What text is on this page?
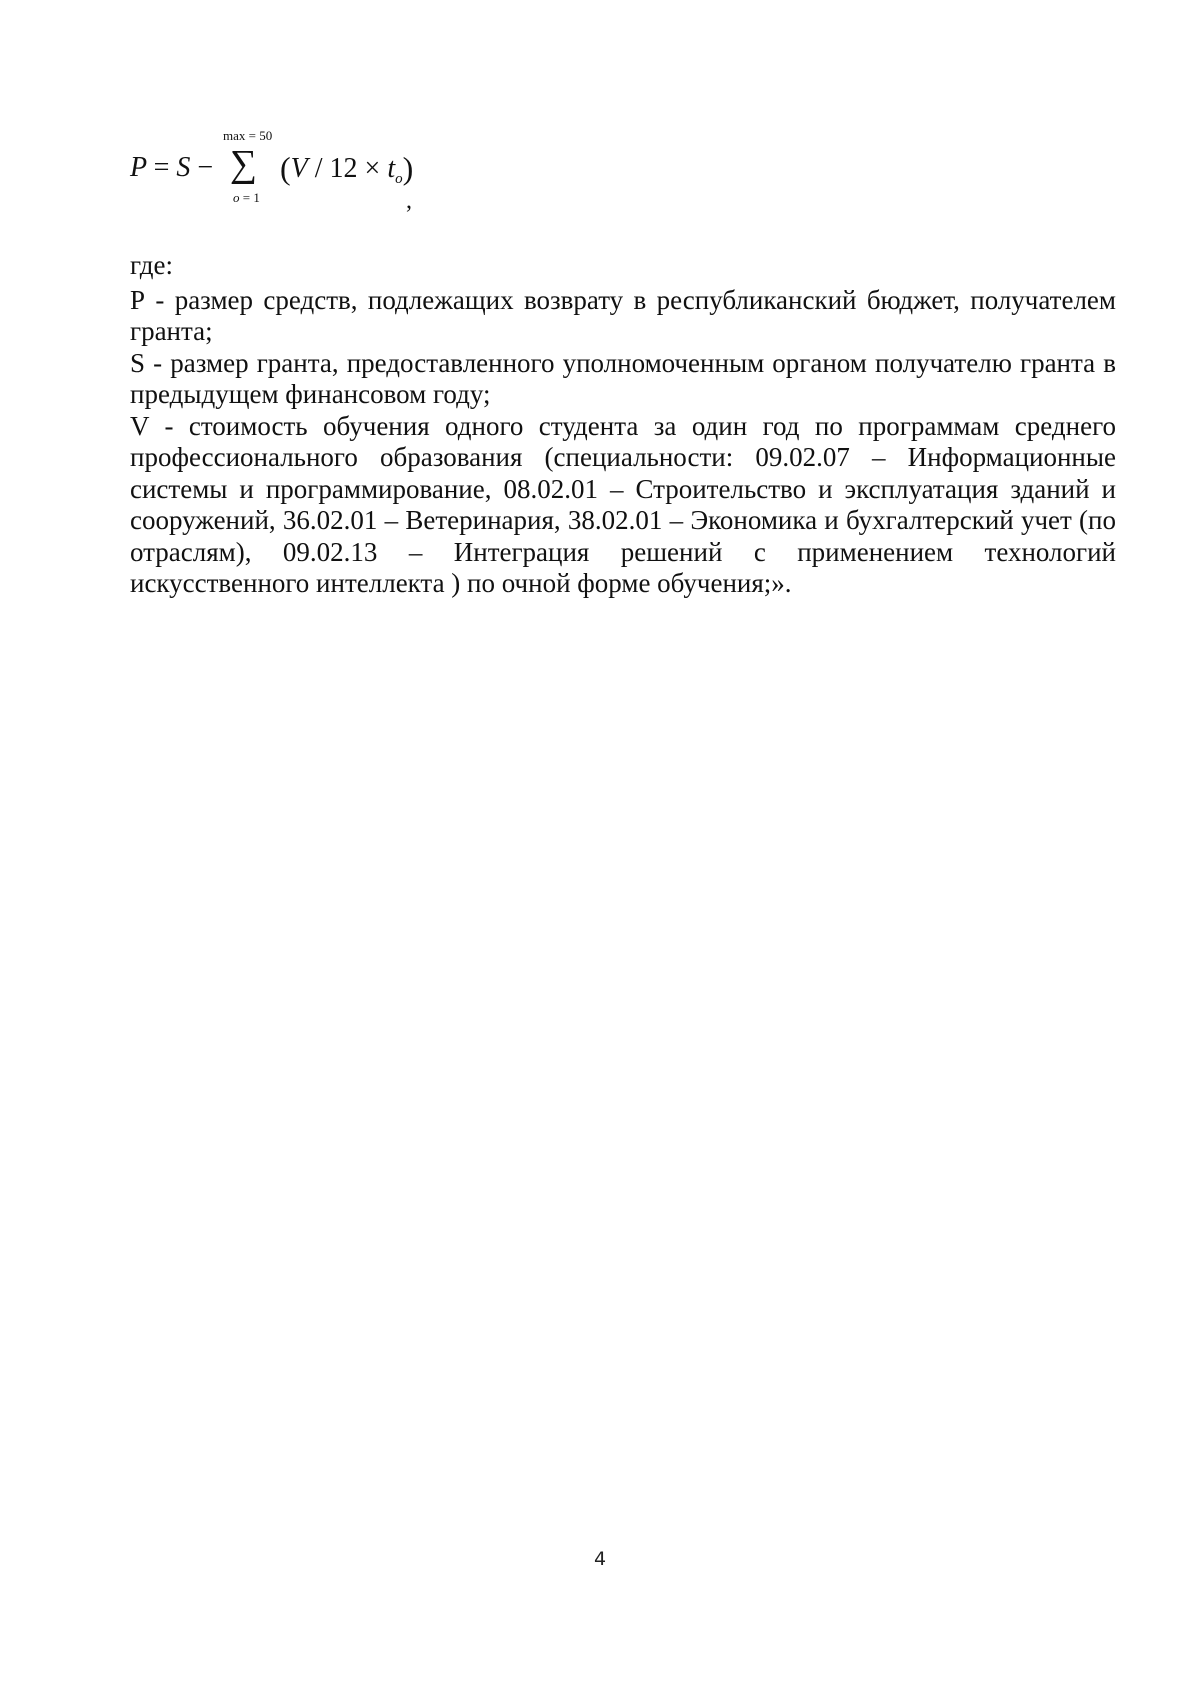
P = S −
max = 50
∑
o = 1
$(V / 12 \times t_o)$
,

где:

Р - размер средств, подлежащих возврату в республиканский бюджет, получателем гранта;

S - размер гранта, предоставленного уполномоченным органом получателю гранта в предыдущем финансовом году;

V - стоимость обучения одного студента за один год по программам среднего профессионального образования (специальности: 09.02.07 – Информационные системы и программирование, 08.02.01 – Строительство и эксплуатация зданий и сооружений, 36.02.01 – Ветеринария, 38.02.01 – Экономика и бухгалтерский учет (по отраслям), 09.02.13 – Интеграция решений с применением технологий искусственного интеллекта ) по очной форме обучения;».

4
